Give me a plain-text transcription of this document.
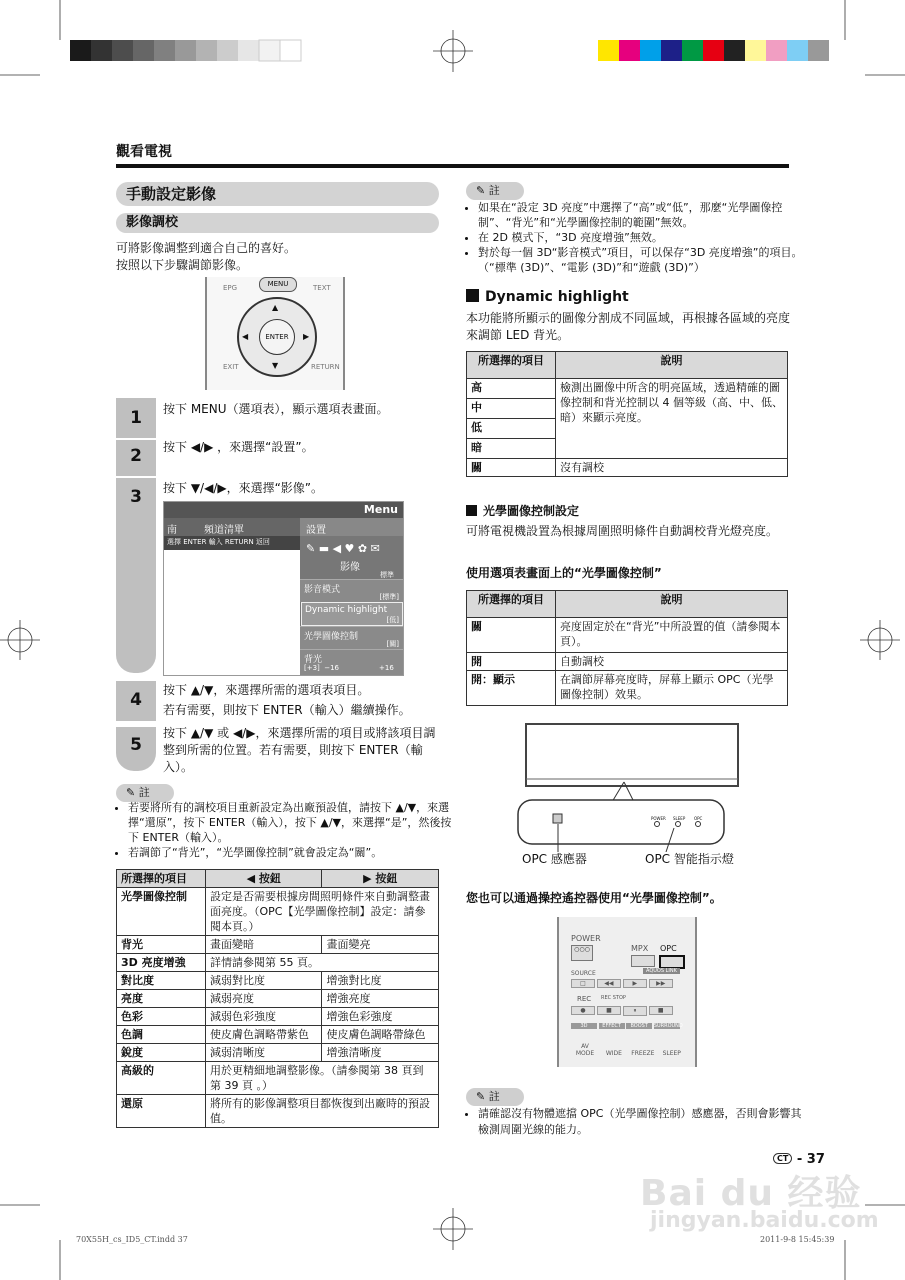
觀看電視
手動設定影像
影像調校
可將影像調整到適合自己的喜好。
按照以下步驟調節影像。
EPG	MENU	TEXT
ENTER
▲
▼
◀	▶
EXIT	RETURN
1	按下 MENU（選項表），顯示選項表畫面。
2	按下 ◀/▶ ，來選擇“設置”。
3	按下 ▼/◀/▶，來選擇“影像”。
Menu
南	頻道清單	設置
選擇 ENTER 輸入 RETURN 返回	✎ ▬ ◀ ♥ ✿ ✉
影像
標準
影音模式
[標準]
Dynamic highlight
[低]
光學圖像控制
[關]
背光
[+3]  −16                  +16
4	按下 ▲/▼，來選擇所需的選項表項目。
若有需要，則按下 ENTER（輸入）繼續操作。
5
按下 ▲/▼ 或 ◀/▶，來選擇所需的項目或將該項目調整到所需的位置。若有需要，則按下 ENTER（輸入）。
✎ 註
• 若要將所有的調校項目重新設定為出廠預設值，請按下 ▲/▼，來選擇“還原”，按下 ENTER（輸入），按下 ▲/▼，來選擇“是”，然後按下 ENTER（輸入）。
• 若調節了“背光”，“光學圖像控制”就會設定為“關”。
所選擇的項目	◀ 按鈕	▶ 按鈕
光學圖像控制	設定是否需要根據房間照明條件來自動調整畫面亮度。（OPC【光學圖像控制】設定：請參閱本頁。）	
背光	畫面變暗	畫面變亮
3D 亮度增強	詳情請參閱第 55 頁。	
對比度	減弱對比度	增強對比度
亮度	減弱亮度	增強亮度
色彩	減弱色彩強度	增強色彩強度
色調	使皮膚色調略帶紫色	使皮膚色調略帶綠色
銳度	減弱清晰度	增強清晰度
高級的	用於更精細地調整影像。（請參閱第 38 頁到第 39 頁 。）	
還原	將所有的影像調整項目都恢復到出廠時的預設值。	
✎ 註
• 如果在“設定 3D 亮度”中選擇了“高”或“低”，那麼“光學圖像控制”、“背光”和“光學圖像控制的範圍”無效。
• 在 2D 模式下，“3D 亮度增強”無效。
• 對於每一個 3D“影音模式”項目，可以保存“3D 亮度增強”的項目。（“標準 (3D)”、“電影 (3D)”和“遊戲 (3D)”）
Dynamic highlight
本功能將所顯示的圖像分割成不同區域，再根據各區域的亮度來調節 LED 背光。
所選擇的項目	說明
高	檢測出圖像中所含的明亮區域，透過精確的圖像控制和背光控制以 4 個等級（高、中、低、暗）來顯示亮度。
中	
低	
暗	
關	沒有調校
光學圖像控制設定
可將電視機設置為根據周圍照明條件自動調校背光燈亮度。
使用選項表畫面上的“光學圖像控制”
所選擇的項目	說明
關	亮度固定於在“背光”中所設置的值（請參閱本頁）。
開	自動調校
開：顯示	在調節屏幕亮度時，屏幕上顯示 OPC（光學圖像控制）效果。
POWER SLEEP OPC
OPC 感應器	OPC 智能指示燈
您也可以通過操控遙控器使用“光學圖像控制”。
POWER
○○○	MPX OPC
SOURCE	AQUOS LINK
□	◀◀	▶	▶▶
REC REC STOP
●	■	⏸	■
3D	EFFECT BOOST SURROUND
AV MODE WIDE FREEZE SLEEP
✎ 註
• 請確認沒有物體遮擋 OPC（光學圖像控制）感應器，否則會影響其檢測周圍光線的能力。
CT - 37
Bai du 经验
jingyan.baidu.com
70X55H_cs_ID5_CT.indd 37	2011-9-8 15:45:39
